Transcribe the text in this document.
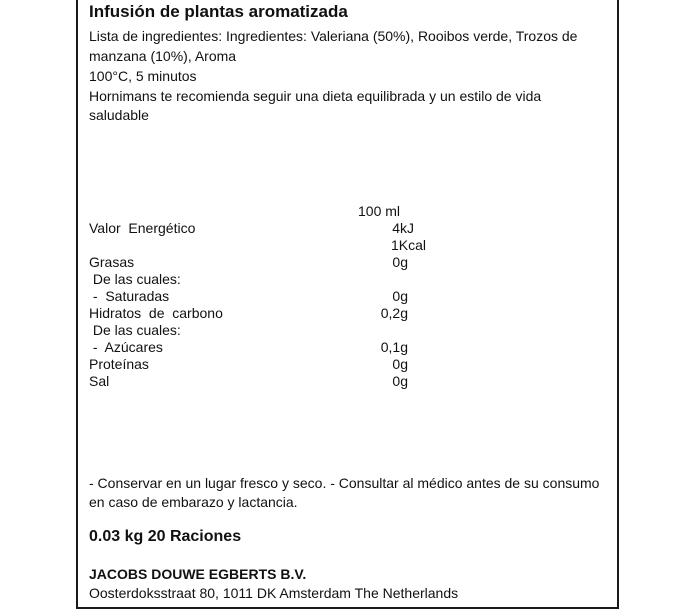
Infusión de plantas aromatizada
Lista de ingredientes: Ingredientes: Valeriana (50%), Rooibos verde, Trozos de
manzana (10%), Aroma
100°C, 5 minutos
Hornimans te recomienda seguir una dieta equilibrada y un estilo de vida
saludable
100 ml
Valor  Energético	4kJ
1Kcal
Grasas	0g
De las cuales:
-  Saturadas	0g
Hidratos  de  carbono	0,2g
De las cuales:
-  Azúcares	0,1g
Proteínas	0g
Sal	0g
- Conservar en un lugar fresco y seco. - Consultar al médico antes de su consumo
en caso de embarazo y lactancia.
0.03 kg 20 Raciones
JACOBS DOUWE EGBERTS B.V.
Oosterdoksstraat 80, 1011 DK Amsterdam The Netherlands
